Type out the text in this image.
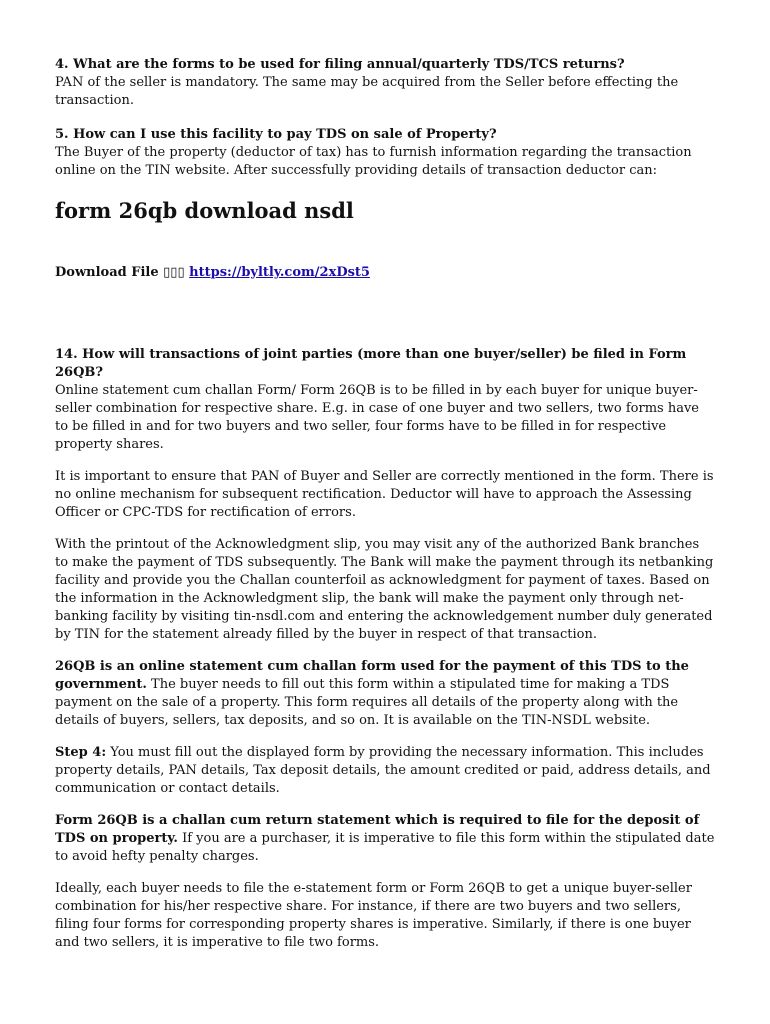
4. What are the forms to be used for filing annual/quarterly TDS/TCS returns?

PAN of the seller is mandatory. The same may be acquired from the Seller before effecting the transaction.

5. How can I use this facility to pay TDS on sale of Property?

The Buyer of the property (deductor of tax) has to furnish information regarding the transaction online on the TIN website. After successfully providing details of transaction deductor can:

form 26qb download nsdl

Download File ▯▯▯ https://byltly.com/2xDst5

14. How will transactions of joint parties (more than one buyer/seller) be filed in Form 26QB?

Online statement cum challan Form/ Form 26QB is to be filled in by each buyer for unique buyer-seller combination for respective share. E.g. in case of one buyer and two sellers, two forms have to be filled in and for two buyers and two seller, four forms have to be filled in for respective property shares.

It is important to ensure that PAN of Buyer and Seller are correctly mentioned in the form. There is no online mechanism for subsequent rectification. Deductor will have to approach the Assessing Officer or CPC-TDS for rectification of errors.

With the printout of the Acknowledgment slip, you may visit any of the authorized Bank branches to make the payment of TDS subsequently. The Bank will make the payment through its netbanking facility and provide you the Challan counterfoil as acknowledgment for payment of taxes. Based on the information in the Acknowledgment slip, the bank will make the payment only through net-banking facility by visiting tin-nsdl.com and entering the acknowledgement number duly generated by TIN for the statement already filled by the buyer in respect of that transaction.

26QB is an online statement cum challan form used for the payment of this TDS to the government. The buyer needs to fill out this form within a stipulated time for making a TDS payment on the sale of a property. This form requires all details of the property along with the details of buyers, sellers, tax deposits, and so on. It is available on the TIN-NSDL website.

Step 4: You must fill out the displayed form by providing the necessary information. This includes property details, PAN details, Tax deposit details, the amount credited or paid, address details, and communication or contact details.

Form 26QB is a challan cum return statement which is required to file for the deposit of TDS on property. If you are a purchaser, it is imperative to file this form within the stipulated date to avoid hefty penalty charges.

Ideally, each buyer needs to file the e-statement form or Form 26QB to get a unique buyer-seller combination for his/her respective share. For instance, if there are two buyers and two sellers, filing four forms for corresponding property shares is imperative. Similarly, if there is one buyer and two sellers, it is imperative to file two forms.
